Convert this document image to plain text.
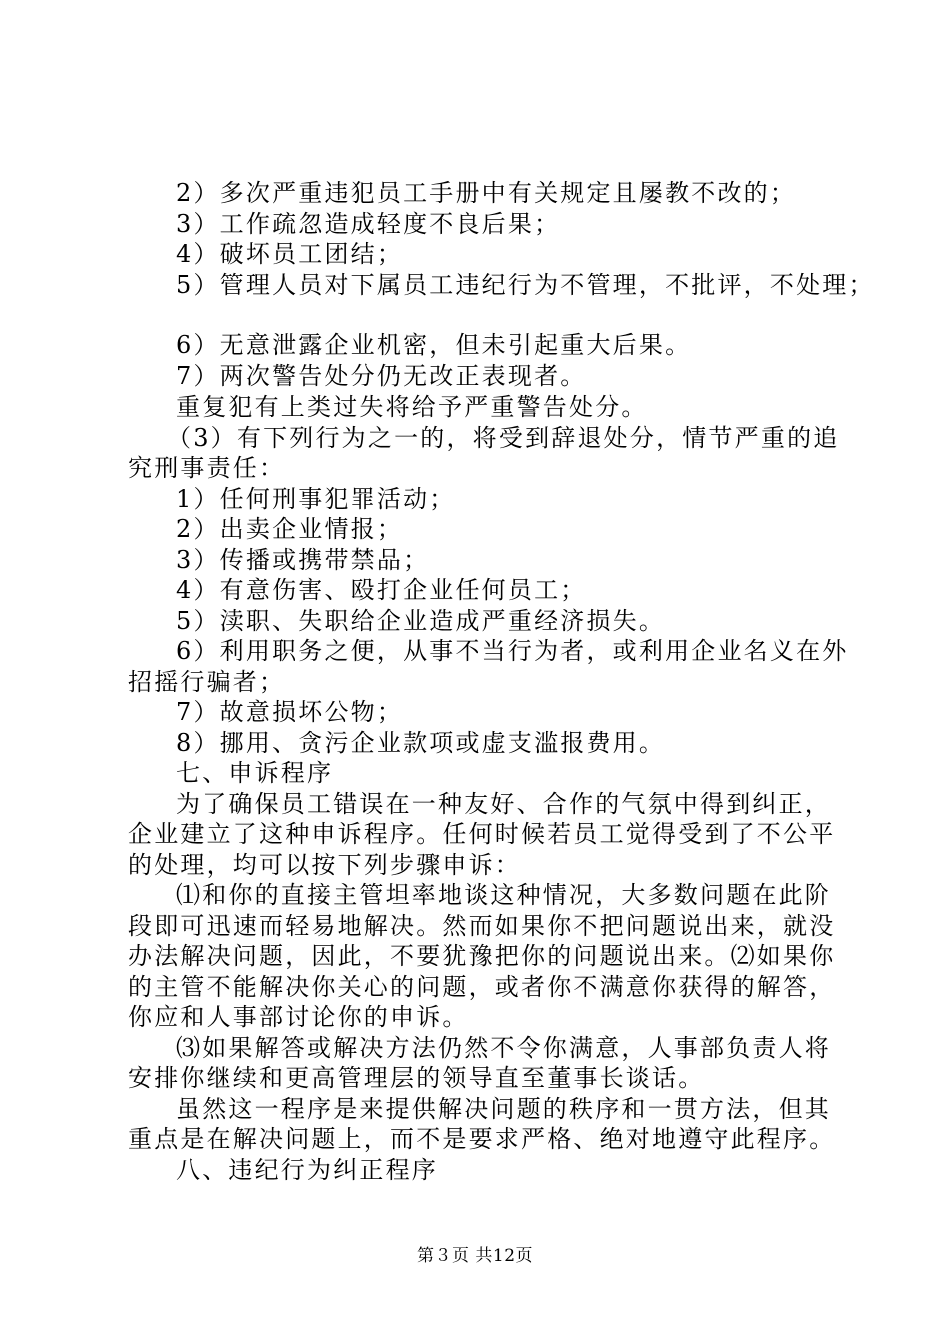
2）多次严重违犯员工手册中有关规定且屡教不改的；
3）工作疏忽造成轻度不良后果；
4）破坏员工团结；
5）管理人员对下属员工违纪行为不管理，不批评，不处理；
6）无意泄露企业机密，但未引起重大后果。
7）两次警告处分仍无改正表现者。
重复犯有上类过失将给予严重警告处分。
（3）有下列行为之一的，将受到辞退处分，情节严重的追
究刑事责任：
1）任何刑事犯罪活动；
2）出卖企业情报；
3）传播或携带禁品；
4）有意伤害、殴打企业任何员工；
5）渎职、失职给企业造成严重经济损失。
6）利用职务之便，从事不当行为者，或利用企业名义在外
招摇行骗者；
7）故意损坏公物；
8）挪用、贪污企业款项或虚支滥报费用。
七、申诉程序
为了确保员工错误在一种友好、合作的气氛中得到纠正，
企业建立了这种申诉程序。任何时候若员工觉得受到了不公平
的处理，均可以按下列步骤申诉：
⑴和你的直接主管坦率地谈这种情况，大多数问题在此阶
段即可迅速而轻易地解决。然而如果你不把问题说出来，就没
办法解决问题，因此，不要犹豫把你的问题说出来。⑵如果你
的主管不能解决你关心的问题，或者你不满意你获得的解答，
你应和人事部讨论你的申诉。
⑶如果解答或解决方法仍然不令你满意，人事部负责人将
安排你继续和更高管理层的领导直至董事长谈话。
虽然这一程序是来提供解决问题的秩序和一贯方法，但其
重点是在解决问题上，而不是要求严格、绝对地遵守此程序。
八、违纪行为纠正程序
第３页 共12页
